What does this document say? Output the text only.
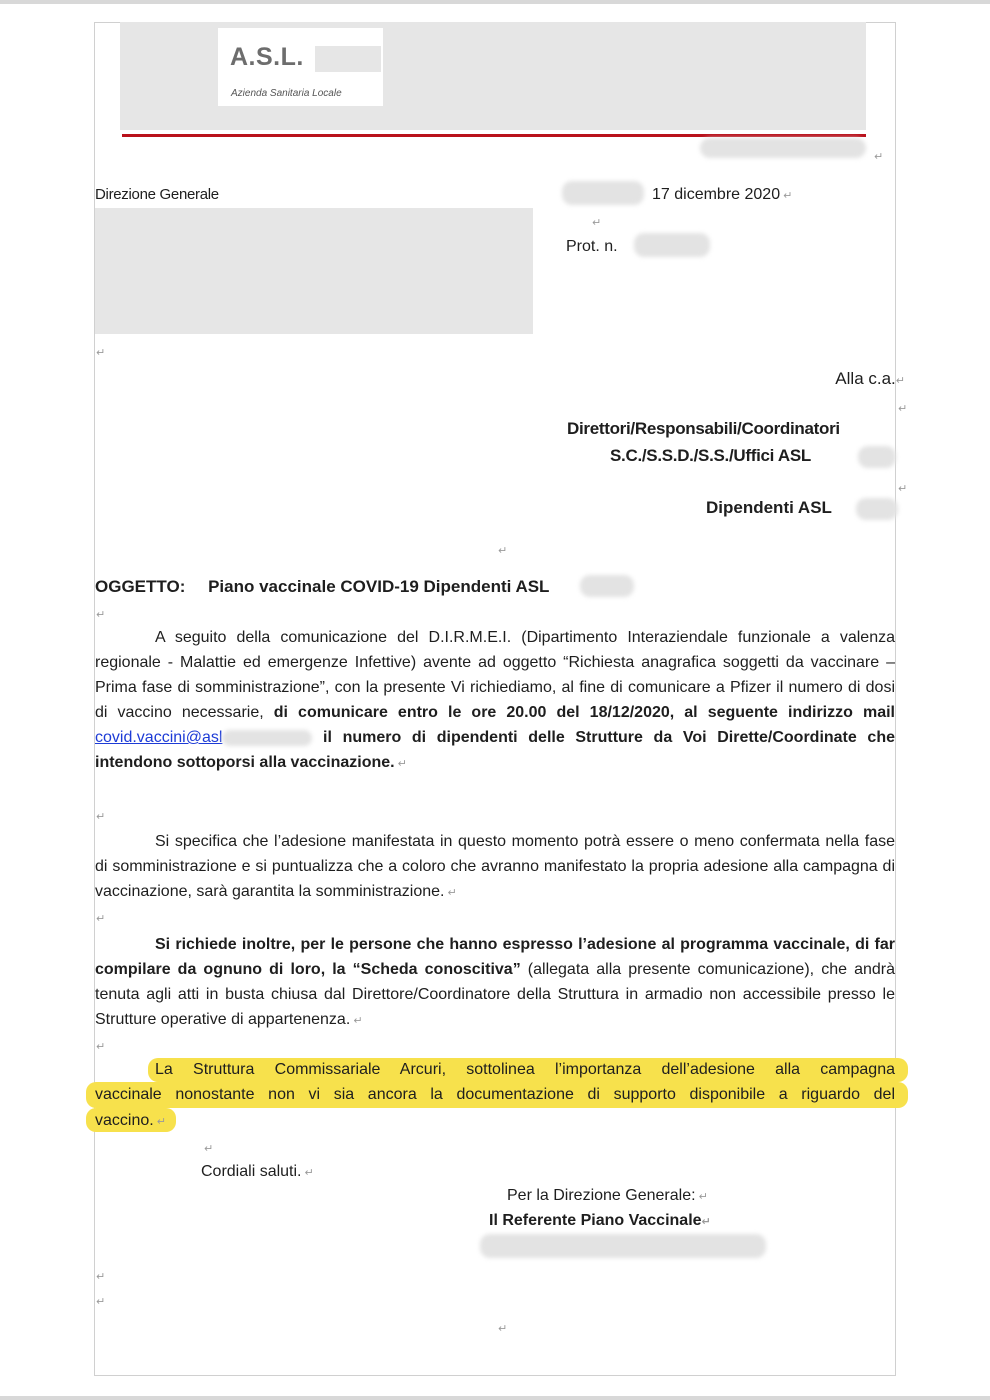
A.S.L.
Azienda Sanitaria Locale
↵
Direzione Generale	17 dicembre 2020 ↵
↵
Prot. n.
↵
Alla c.a.↵
↵
Direttori/Responsabili/Coordinatori
S.C./S.S.D./S.S./Uffici ASL
↵
Dipendenti ASL
↵
OGGETTO: Piano vaccinale COVID-19 Dipendenti ASL
↵
A seguito della comunicazione del D.I.R.M.E.I. (Dipartimento Interaziendale funzionale a valenza regionale - Malattie ed emergenze Infettive) avente ad oggetto “Richiesta anagrafica soggetti da vaccinare – Prima fase di somministrazione”, con la presente Vi richiediamo, al fine di comunicare a Pfizer il numero di dosi di vaccino necessarie, di comunicare entro le ore 20.00 del 18/12/2020, al seguente indirizzo mail covid.vaccini@asl	il numero di dipendenti delle Strutture da Voi Dirette/Coordinate che intendono sottoporsi alla vaccinazione. ↵
↵
Si specifica che l’adesione manifestata in questo momento potrà essere o meno confermata nella fase di somministrazione e si puntualizza che a coloro che avranno manifestato la propria adesione alla campagna di vaccinazione, sarà garantita la somministrazione. ↵
↵
Si richiede inoltre, per le persone che hanno espresso l’adesione al programma vaccinale, di far compilare da ognuno di loro, la “Scheda conoscitiva” (allegata alla presente comunicazione), che andrà tenuta agli atti in busta chiusa dal Direttore/Coordinatore della Struttura in armadio non accessibile presso le Strutture operative di appartenenza. ↵
↵
La Struttura Commissariale Arcuri, sottolinea l’importanza dell’adesione alla campagna
vaccinale nonostante non vi sia ancora la documentazione di supporto disponibile a riguardo del
vaccino. ↵
↵
Cordiali saluti. ↵
Per la Direzione Generale: ↵
Il Referente Piano Vaccinale↵
↵
↵
↵
